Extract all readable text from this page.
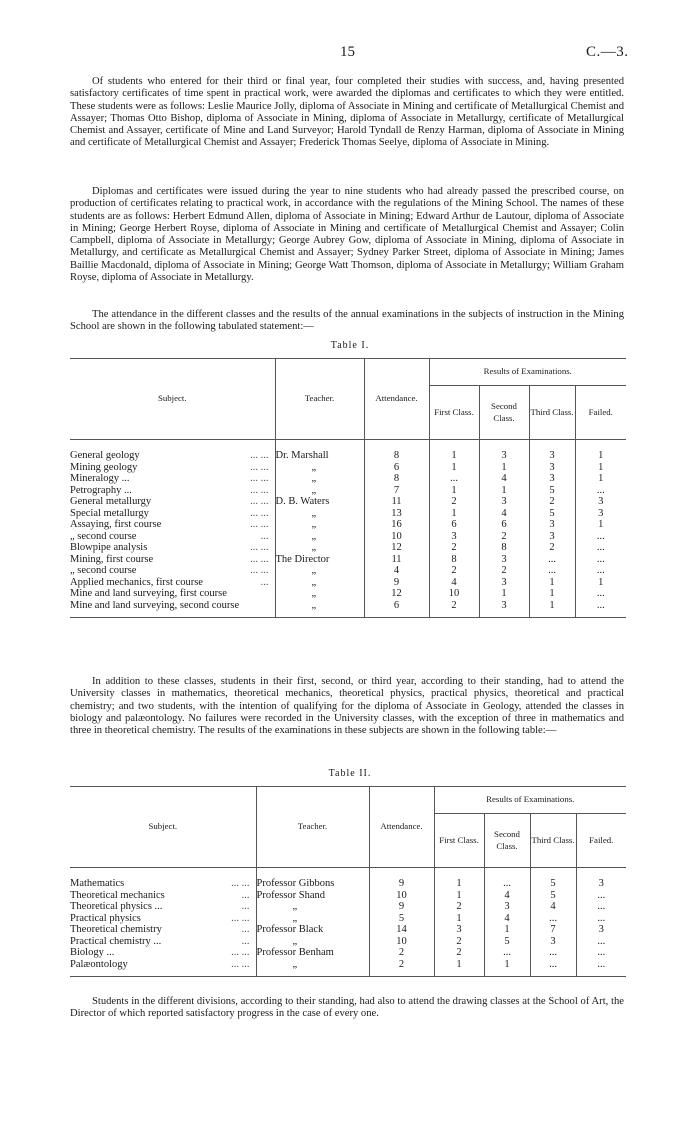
15	C.—3.

Of students who entered for their third or final year, four completed their studies with success, and, having presented satisfactory certificates of time spent in practical work, were awarded the diplomas and certificates to which they were entitled. These students were as follows: Leslie Maurice Jolly, diploma of Associate in Mining and certificate of Metallurgical Chemist and Assayer; Thomas Otto Bishop, diploma of Associate in Mining, diploma of Associate in Metallurgy, certificate of Metallurgical Chemist and Assayer, certificate of Mine and Land Surveyor; Harold Tyndall de Renzy Harman, diploma of Associate in Mining and certificate of Metallurgical Chemist and Assayer; Frederick Thomas Seelye, diploma of Associate in Mining.

Diplomas and certificates were issued during the year to nine students who had already passed the prescribed course, on production of certificates relating to practical work, in accordance with the regulations of the Mining School. The names of these students are as follows: Herbert Edmund Allen, diploma of Associate in Mining; Edward Arthur de Lautour, diploma of Associate in Mining; George Herbert Royse, diploma of Associate in Mining and certificate of Metallurgical Chemist and Assayer; Colin Campbell, diploma of Associate in Metallurgy; George Aubrey Gow, diploma of Associate in Mining, diploma of Associate in Metallurgy, and certificate as Metallurgical Chemist and Assayer; Sydney Parker Street, diploma of Associate in Mining; James Baillie Macdonald, diploma of Associate in Mining; George Watt Thomson, diploma of Associate in Metallurgy; William Graham Royse, diploma of Associate in Metallurgy.

The attendance in the different classes and the results of the annual examinations in the subjects of instruction in the Mining School are shown in the following tabulated statement:—

Table I.
Subject.	Teacher.	Attendance.	Results of Examinations.			
			First Class.	Second Class.	Third Class.	Failed.

General geology ... ...	Dr. Marshall	8	1	3	3	1
Mining geology ... ...	„	6	1	1	3	1
Mineralogy ... ... ...	„	8	...	4	3	1
Petrography ... ... ...	„	7	1	1	5	...
General metallurgy ... ...	D. B. Waters	11	2	3	2	3
Special metallurgy ... ...	„	13	1	4	5	3
Assaying, first course ... ...	„	16	6	6	3	1
„ second course ...	„	10	3	2	3	...
Blowpipe analysis ... ...	„	12	2	8	2	...
Mining, first course ... ...	The Director	11	8	3	...	...
„ second course ... ...	„	4	2	2	...	...
Applied mechanics, first course ...	„	9	4	3	1	1
Mine and land surveying, first course	„	12	10	1	1	...
Mine and land surveying, second course	„	6	2	3	1	...

In addition to these classes, students in their first, second, or third year, according to their standing, had to attend the University classes in mathematics, theoretical mechanics, theoretical physics, practical physics, theoretical and practical chemistry; and two students, with the intention of qualifying for the diploma of Associate in Geology, attended the classes in biology and palæontology. No failures were recorded in the University classes, with the exception of three in mathematics and three in theoretical chemistry. The results of the examinations in these subjects are shown in the following table:—

Table II.
Subject.	Teacher.	Attendance.	Results of Examinations.			
			First Class.	Second Class.	Third Class.	Failed.

Mathematics ... ...	Professor Gibbons	9	1	...	5	3
Theoretical mechanics ...	Professor Shand	10	1	4	5	...
Theoretical physics ... ...	„	9	2	3	4	...
Practical physics ... ...	„	5	1	4	...	...
Theoretical chemistry ...	Professor Black	14	3	1	7	3
Practical chemistry ... ...	„	10	2	5	3	...
Biology ... ... ...	Professor Benham	2	2	...	...	...
Palæontology ... ...	„	2	1	1	...	...

Students in the different divisions, according to their standing, had also to attend the drawing classes at the School of Art, the Director of which reported satisfactory progress in the case of every one.
